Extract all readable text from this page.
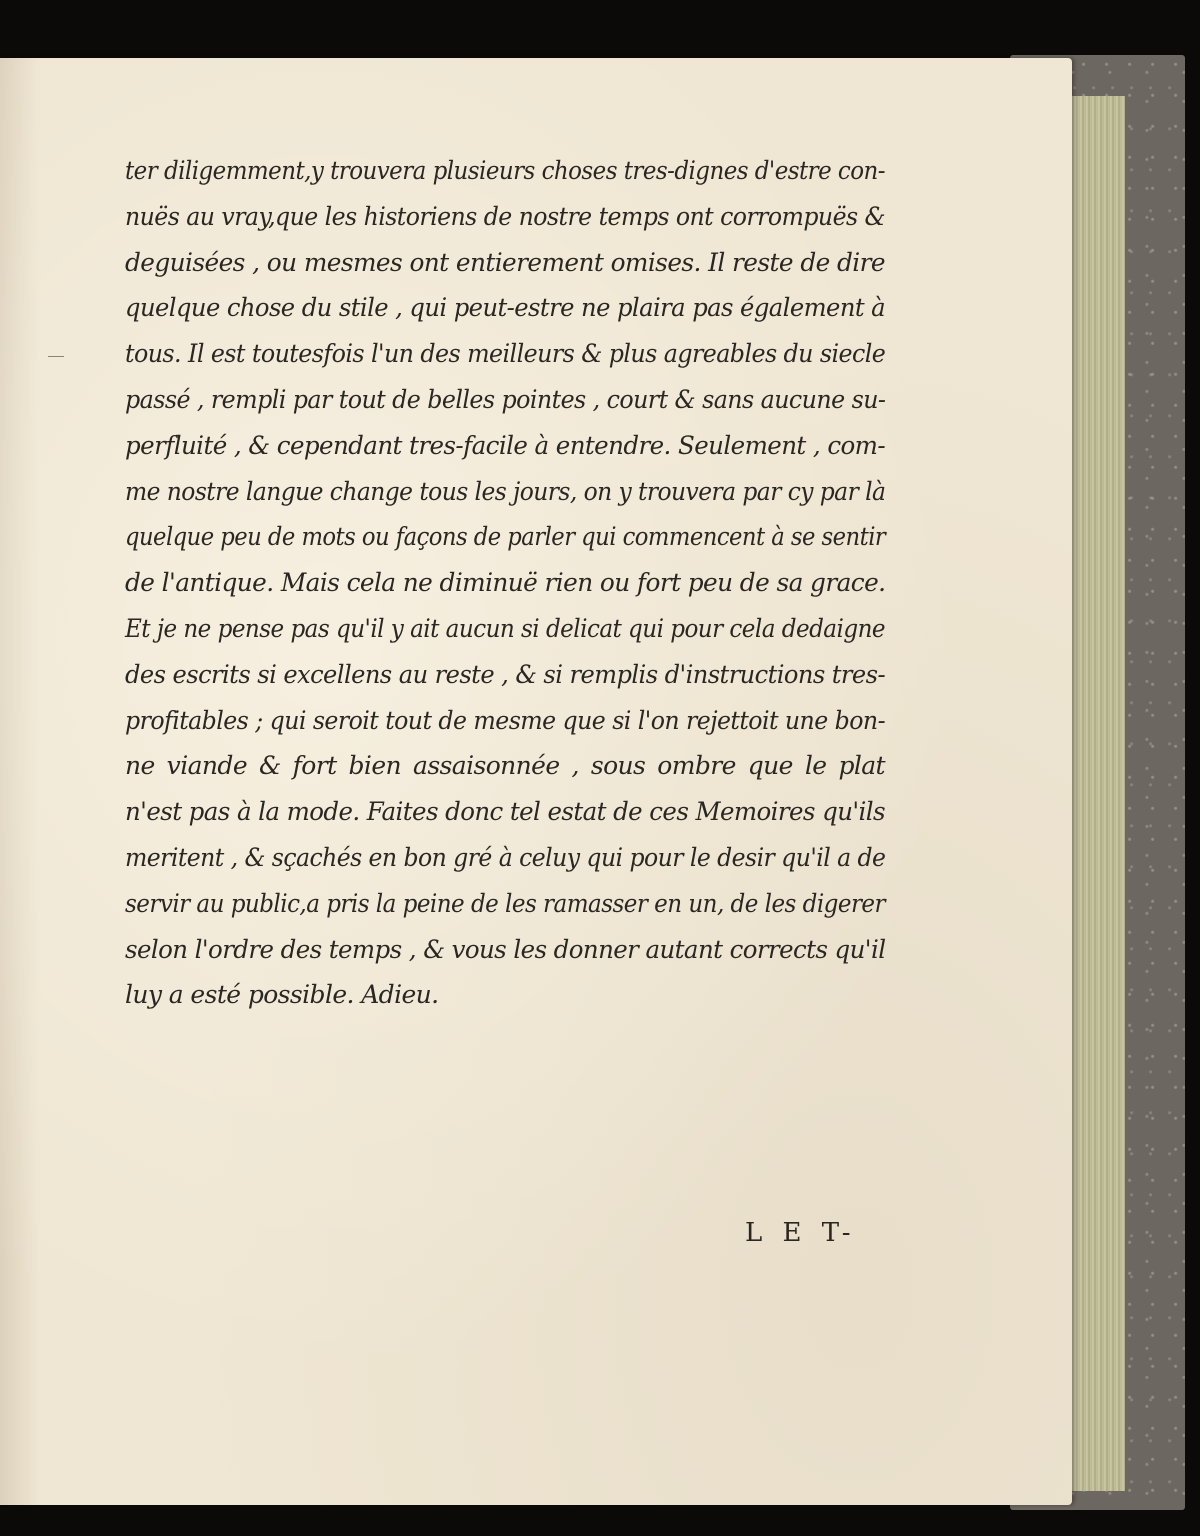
ter diligemment,y trouvera plusieurs choses tres-dignes d'estre con-
nuës au vray,que les historiens de nostre temps ont corrompuës &
deguisées , ou mesmes ont entierement omises. Il reste de dire
quelque chose du stile , qui peut-estre ne plaira pas également à
tous. Il est toutesfois l'un des meilleurs & plus agreables du siecle
passé , rempli par tout de belles pointes , court & sans aucune su-
perfluité , & cependant tres-facile à entendre. Seulement , com-
me nostre langue change tous les jours, on y trouvera par cy par là
quelque peu de mots ou façons de parler qui commencent à se sentir
de l'antique. Mais cela ne diminuë rien ou fort peu de sa grace.
Et je ne pense pas qu'il y ait aucun si delicat qui pour cela dedaigne
des escrits si excellens au reste , & si remplis d'instructions tres-
profitables ; qui seroit tout de mesme que si l'on rejettoit une bon-
ne viande & fort bien assaisonnée , sous ombre que le plat
n'est pas à la mode. Faites donc tel estat de ces Memoires qu'ils
meritent , & sçachés en bon gré à celuy qui pour le desir qu'il a de
servir au public,a pris la peine de les ramasser en un, de les digerer
selon l'ordre des temps , & vous les donner autant corrects qu'il
luy a esté possible. Adieu.
L E T-
